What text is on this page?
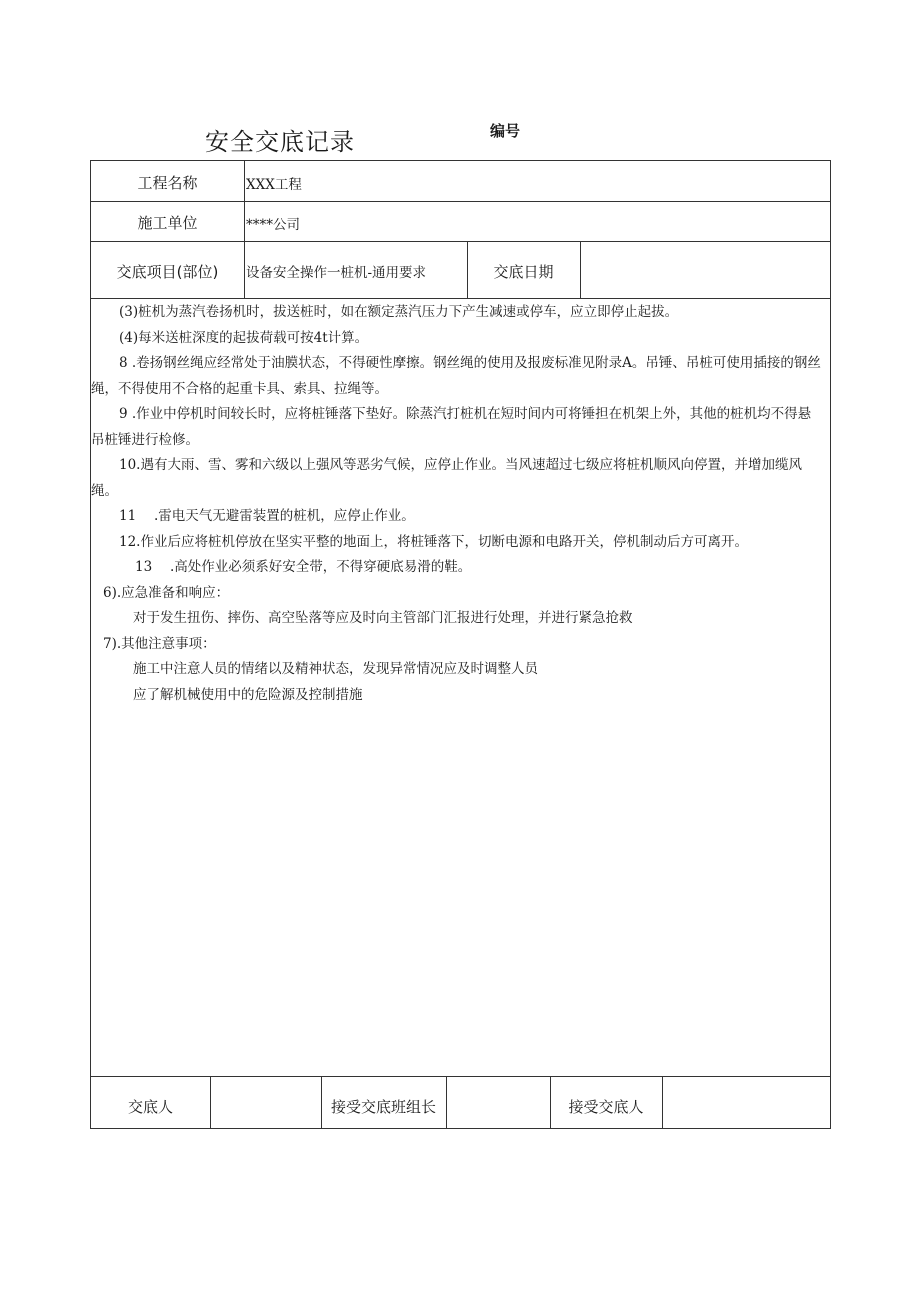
安全交底记录	编号
工程名称	XXX工程
施工单位	****公司
交底项目(部位)	设备安全操作一桩机-通用要求	交底日期
(3)桩机为蒸汽卷扬机时，拔送桩时，如在额定蒸汽压力下产生减速或停车，应立即停止起拔。
(4)每米送桩深度的起拔荷载可按4t计算。
8 .卷扬钢丝绳应经常处于油膜状态，不得硬性摩擦。钢丝绳的使用及报废标准见附录A。吊锤、吊桩可使用插接的钢丝绳，不得使用不合格的起重卡具、索具、拉绳等。
9 .作业中停机时间较长时，应将桩锤落下垫好。除蒸汽打桩机在短时间内可将锤担在机架上外，其他的桩机均不得悬吊桩锤进行检修。
10.遇有大雨、雪、雾和六级以上强风等恶劣气候，应停止作业。当风速超过七级应将桩机顺风向停置，并增加缆风绳。
11　 .雷电天气无避雷装置的桩机，应停止作业。
12.作业后应将桩机停放在坚实平整的地面上，将桩锤落下，切断电源和电路开关，停机制动后方可离开。
13　 .高处作业必须系好安全带，不得穿硬底易滑的鞋。
6).应急准备和响应：
对于发生扭伤、摔伤、高空坠落等应及时向主管部门汇报进行处理，并进行紧急抢救
7).其他注意事项：
施工中注意人员的情绪以及精神状态，发现异常情况应及时调整人员
应了解机械使用中的危险源及控制措施
交底人	接受交底班组长	接受交底人
